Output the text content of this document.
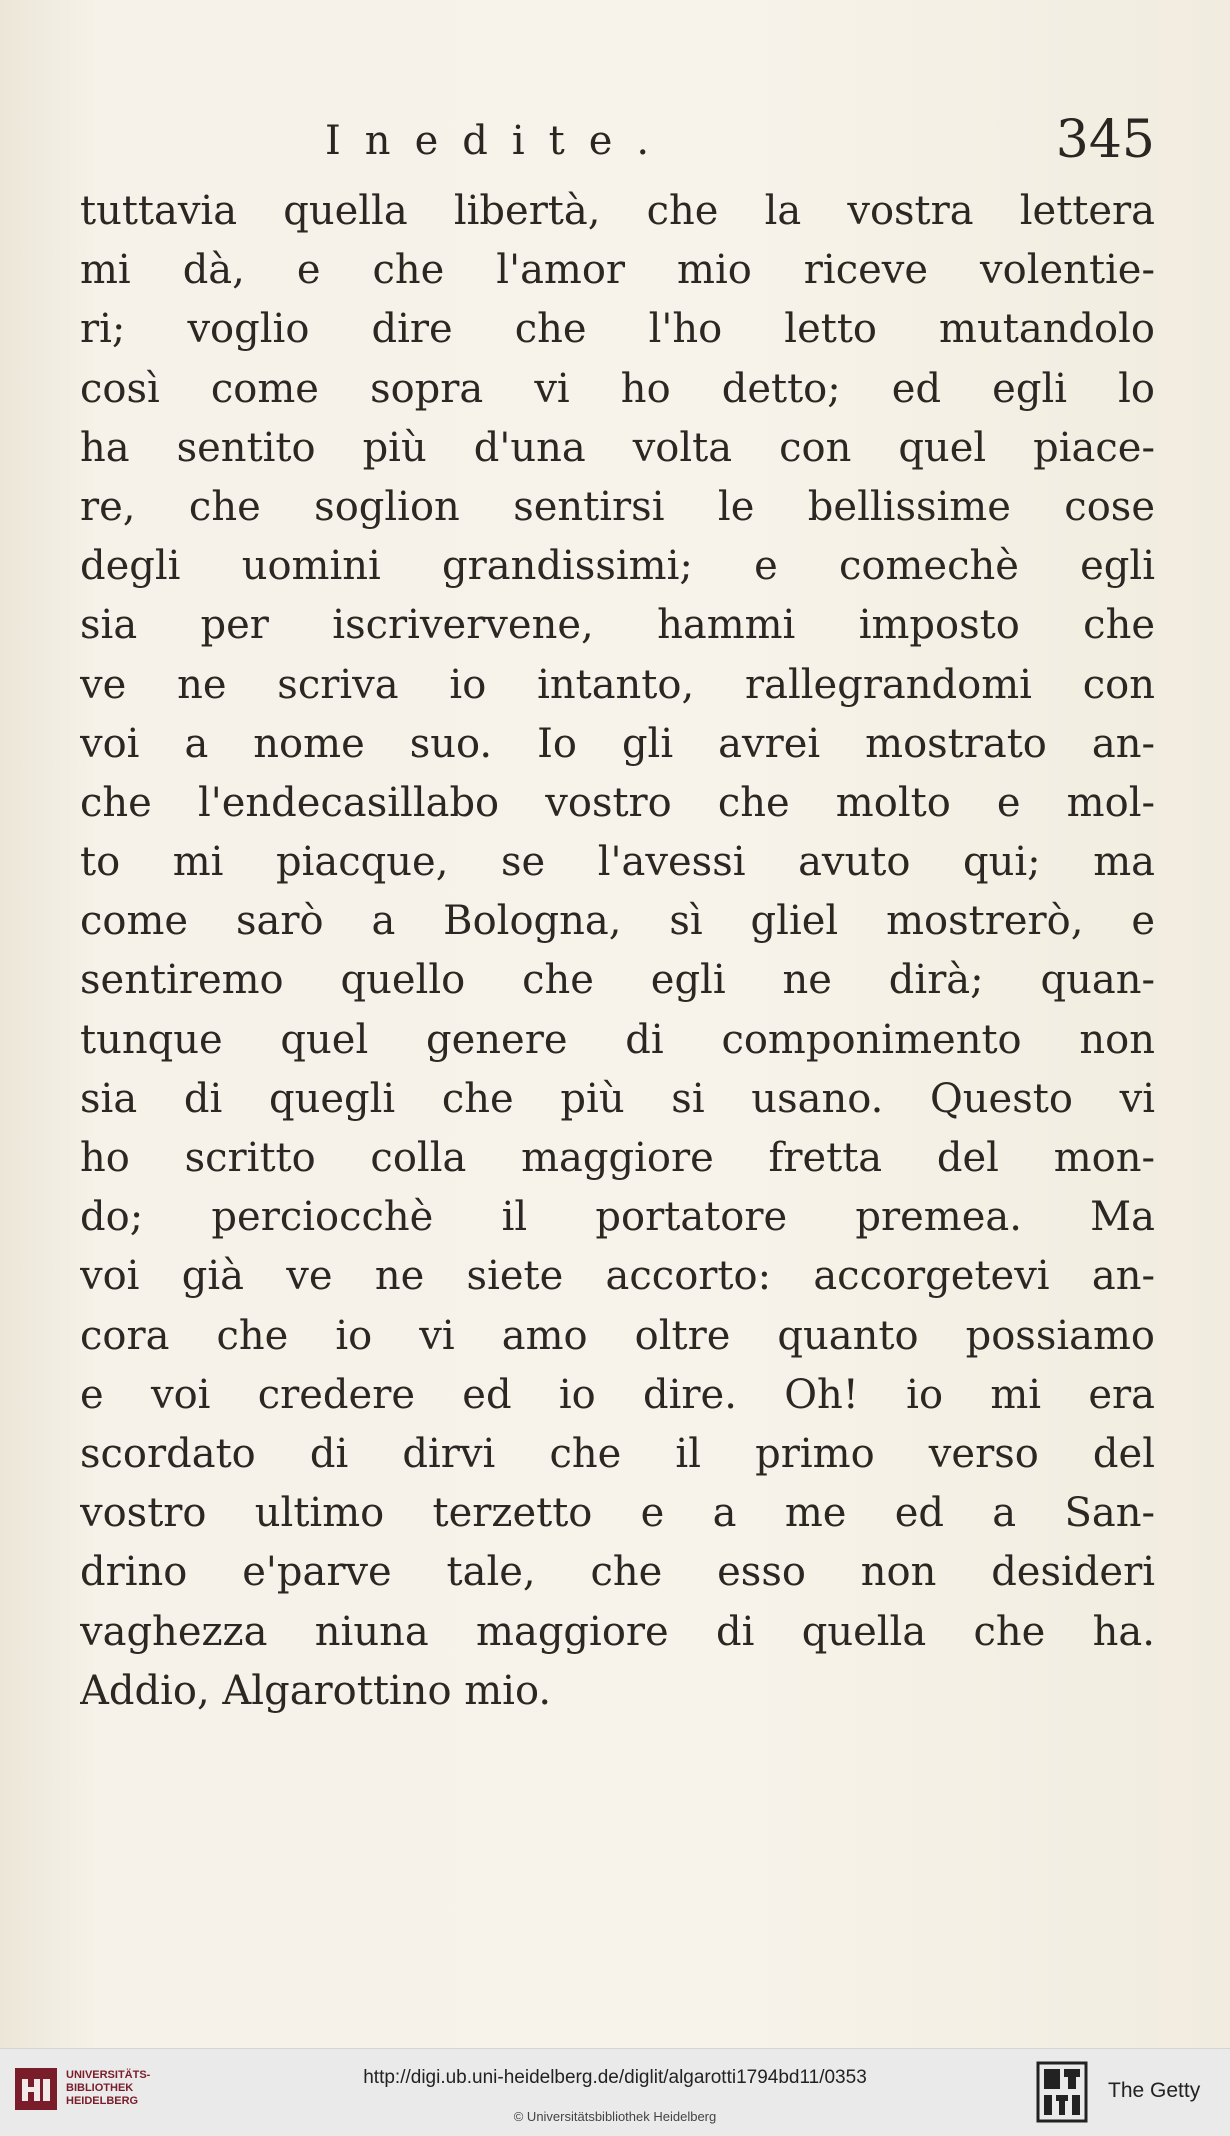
Inedite.	345
tuttavia quella libertà, che la vostra lettera
mi dà, e che l'amor mio riceve volentie-
ri; voglio dire che l'ho letto mutandolo
così come sopra vi ho detto; ed egli lo
ha sentito più d'una volta con quel piace-
re, che soglion sentirsi le bellissime cose
degli uomini grandissimi; e comechè egli
sia per iscrivervene, hammi imposto che
ve ne scriva io intanto, rallegrandomi con
voi a nome suo. Io gli avrei mostrato an-
che l'endecasillabo vostro che molto e mol-
to mi piacque, se l'avessi avuto qui; ma
come sarò a Bologna, sì gliel mostrerò, e
sentiremo quello che egli ne dirà; quan-
tunque quel genere di componimento non
sia di quegli che più si usano. Questo vi
ho scritto colla maggiore fretta del mon-
do; perciocchè il portatore premea. Ma
voi già ve ne siete accorto: accorgetevi an-
cora che io vi amo oltre quanto possiamo
e voi credere ed io dire. Oh! io mi era
scordato di dirvi che il primo verso del
vostro ultimo terzetto e a me ed a San-
drino e'parve tale, che esso non desideri
vaghezza niuna maggiore di quella che ha.
Addio, Algarottino mio.
UNIVERSITÄTS-
BIBLIOTHEK
HEIDELBERG
http://digi.ub.uni-heidelberg.de/diglit/algarotti1794bd11/0353
© Universitätsbibliothek Heidelberg
The Getty
